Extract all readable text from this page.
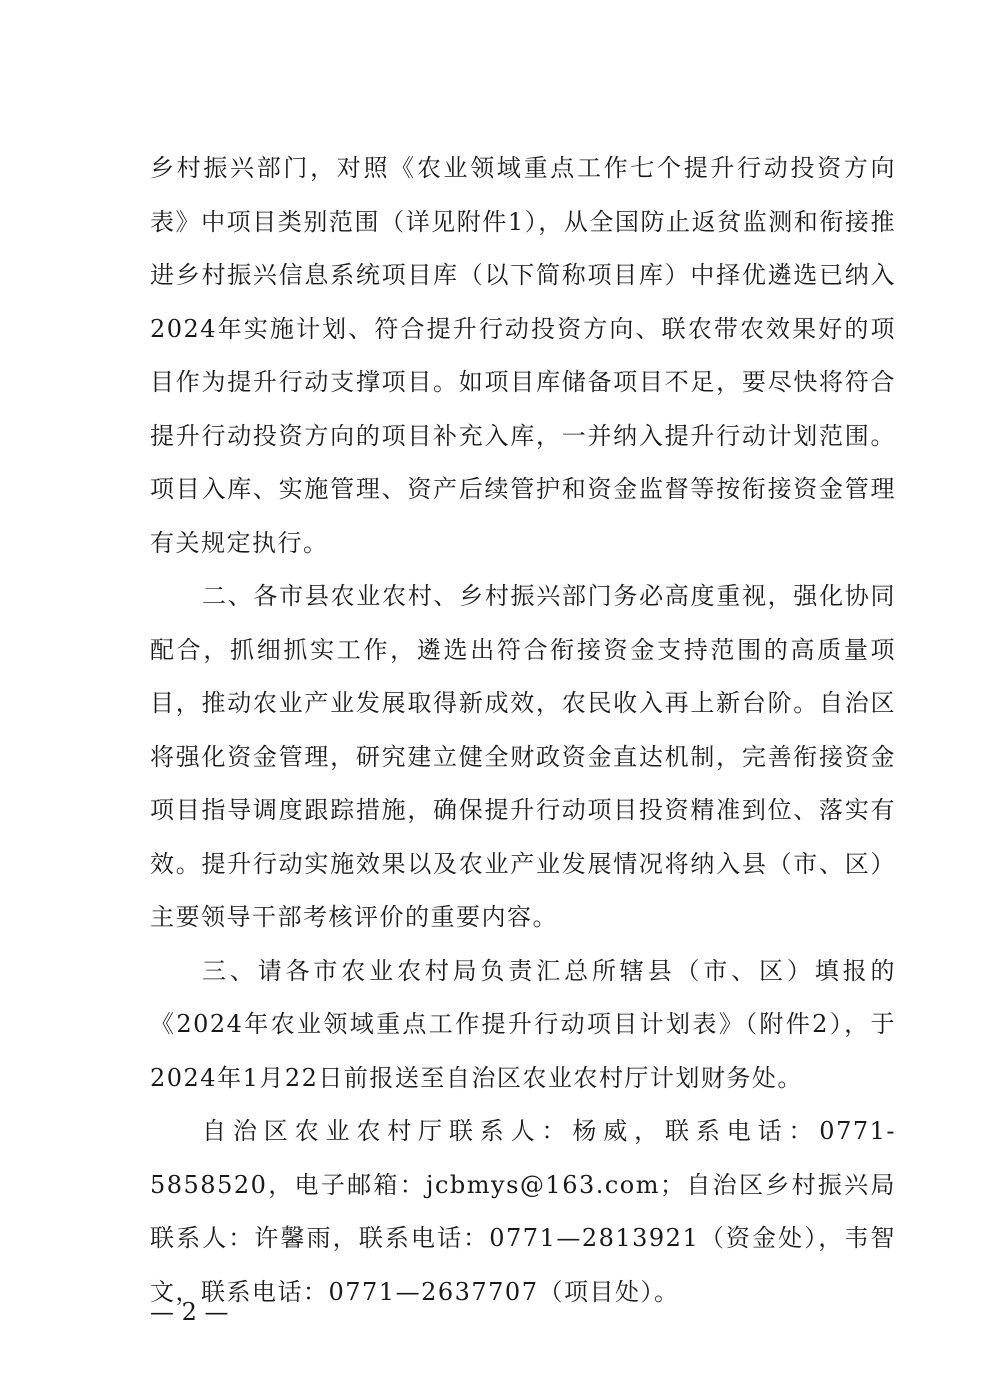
乡村振兴部门，对照《农业领域重点工作七个提升行动投资方向表》中项目类别范围（详见附件1），从全国防止返贫监测和衔接推进乡村振兴信息系统项目库（以下简称项目库）中择优遴选已纳入2024年实施计划、符合提升行动投资方向、联农带农效果好的项目作为提升行动支撑项目。如项目库储备项目不足，要尽快将符合提升行动投资方向的项目补充入库，一并纳入提升行动计划范围。项目入库、实施管理、资产后续管护和资金监督等按衔接资金管理有关规定执行。

二、各市县农业农村、乡村振兴部门务必高度重视，强化协同配合，抓细抓实工作，遴选出符合衔接资金支持范围的高质量项目，推动农业产业发展取得新成效，农民收入再上新台阶。自治区将强化资金管理，研究建立健全财政资金直达机制，完善衔接资金项目指导调度跟踪措施，确保提升行动项目投资精准到位、落实有效。提升行动实施效果以及农业产业发展情况将纳入县（市、区）主要领导干部考核评价的重要内容。

三、请各市农业农村局负责汇总所辖县（市、区）填报的《2024年农业领域重点工作提升行动项目计划表》（附件2），于2024年1月22日前报送至自治区农业农村厅计划财务处。

自治区农业农村厅联系人：杨威，联系电话：0771-5858520，电子邮箱：jcbmys@163.com；自治区乡村振兴局联系人：许馨雨，联系电话：0771—2813921（资金处），韦智文，联系电话：0771—2637707（项目处）。

— 2 —
